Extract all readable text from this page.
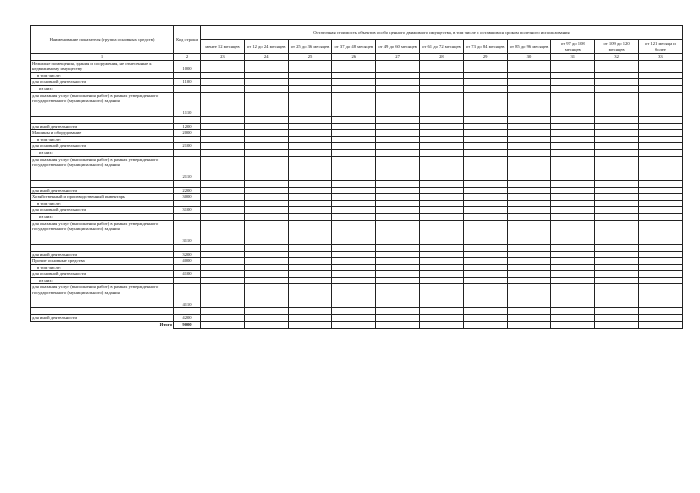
Наименование показателя (группа основных средств)	Код строки	Остаточная стоимость объектов особо ценного движимого имущества, в том числе с оставшимся сроком полезного использования										
		менее 12 месяцев	от 12 до 24 месяцев	от 25 до 36 месяцев	от 37 до 48 месяцев	от 49 до 60 месяцев	от 61 до 72 месяцев	от 73 до 84 месяцев	от 85 до 96 месяцев	от 97 до 108 месяцев	от 109 до 120 месяцев	от 121 месяца и более
1	2	23	24	25	26	27	28	29	30	31	32	33
Нежилые помещения, здания и сооружения, не отнесенные к недвижимому имуществу	1000											
в том числе:												
для основной деятельности	1100											
из них:												
для оказания услуг (выполнения работ) в рамках утвержденного государственного (муниципального) задания	1110											

для иной деятельности	1200											
Машины и оборудование	2000											
в том числе:												
для основной деятельности	2100											
из них:												
для оказания услуг (выполнения работ) в рамках утвержденного государственного (муниципального) задания	2110											

для иной деятельности	2200											
Хозяйственный и производственный инвентарь	3000											
в том числе:												
для основной деятельности	3100											
из них:												
для оказания услуг (выполнения работ) в рамках утвержденного государственного (муниципального) задания	3110											

для иной деятельности	3200											
Прочие основные средства	4000											
в том числе:												
для основной деятельности	4100											
из них:												
для оказания услуг (выполнения работ) в рамках утвержденного государственного (муниципального) задания	4110											

для иной деятельности	4200											
Итого	9000											
